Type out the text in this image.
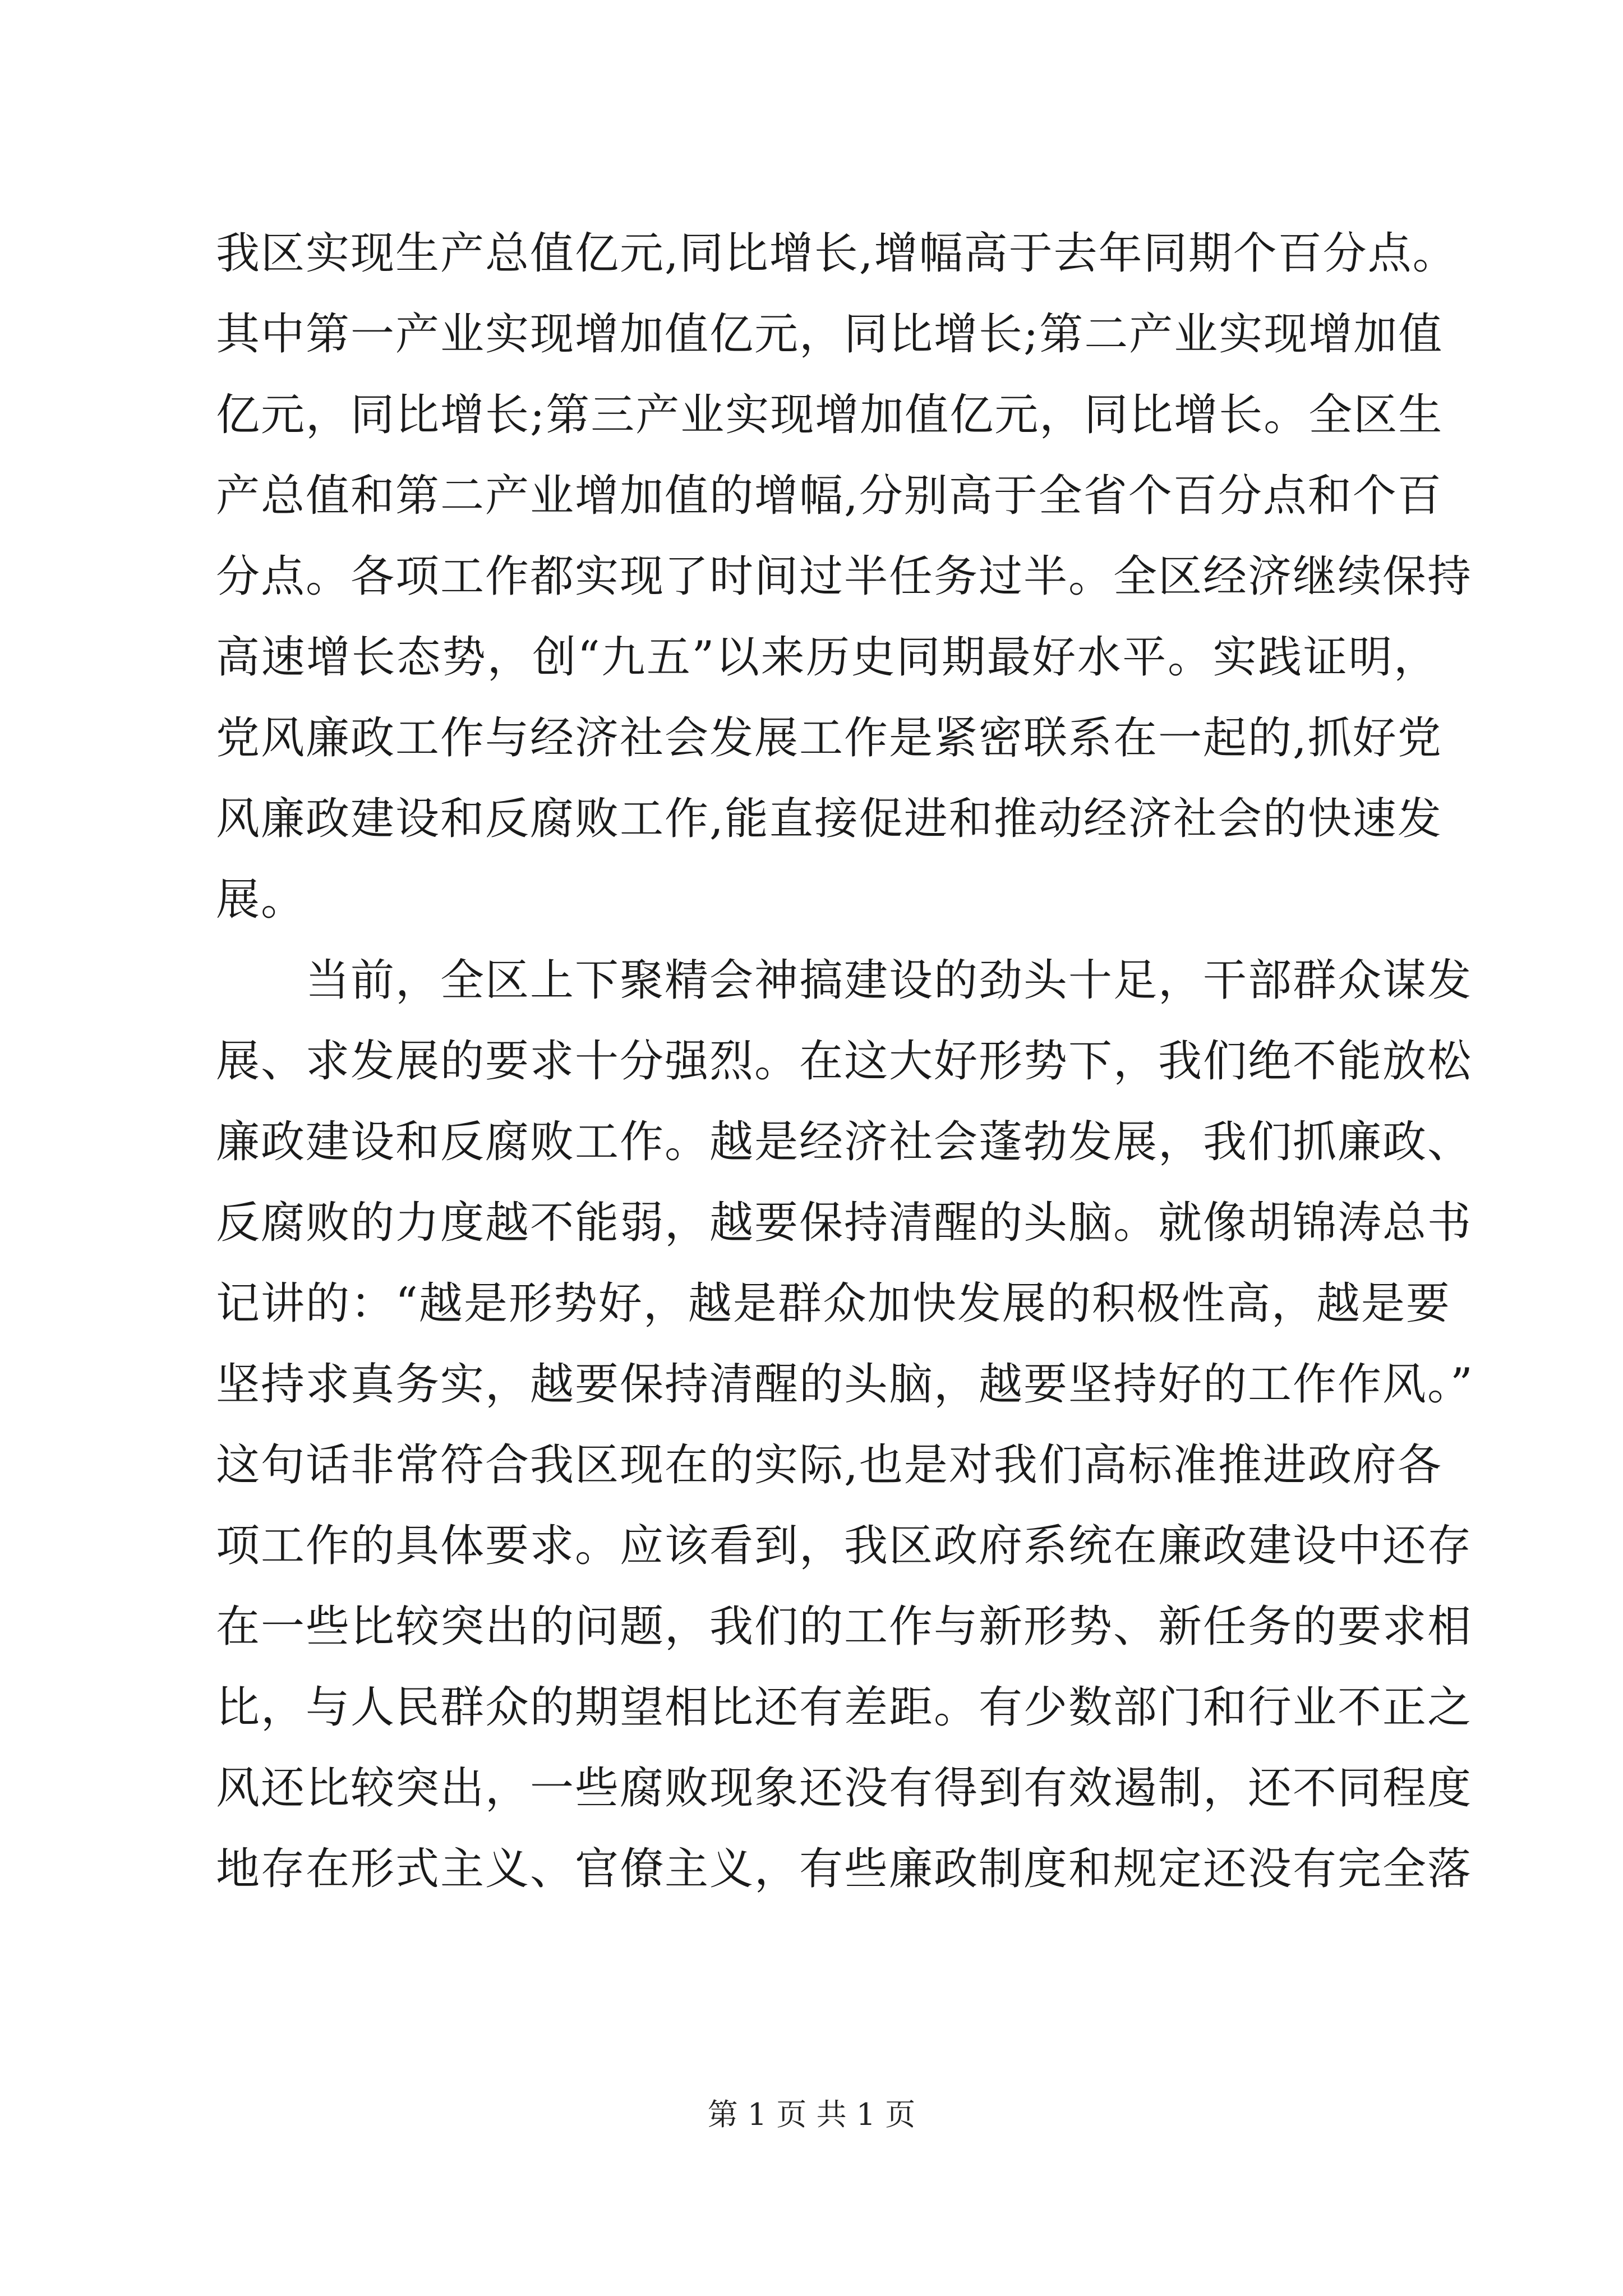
我区实现生产总值亿元,同比增长,增幅高于去年同期个百分点。
其中第一产业实现增加值亿元，同比增长;第二产业实现增加值
亿元，同比增长;第三产业实现增加值亿元，同比增长。全区生
产总值和第二产业增加值的增幅,分别高于全省个百分点和个百
分点。各项工作都实现了时间过半任务过半。全区经济继续保持
高速增长态势，创“九五”以来历史同期最好水平。实践证明，
党风廉政工作与经济社会发展工作是紧密联系在一起的,抓好党
风廉政建设和反腐败工作,能直接促进和推动经济社会的快速发
展。
当前，全区上下聚精会神搞建设的劲头十足，干部群众谋发
展、求发展的要求十分强烈。在这大好形势下，我们绝不能放松
廉政建设和反腐败工作。越是经济社会蓬勃发展，我们抓廉政、
反腐败的力度越不能弱，越要保持清醒的头脑。就像胡锦涛总书
记讲的：“越是形势好，越是群众加快发展的积极性高，越是要
坚持求真务实，越要保持清醒的头脑，越要坚持好的工作作风。”
这句话非常符合我区现在的实际,也是对我们高标准推进政府各
项工作的具体要求。应该看到，我区政府系统在廉政建设中还存
在一些比较突出的问题，我们的工作与新形势、新任务的要求相
比，与人民群众的期望相比还有差距。有少数部门和行业不正之
风还比较突出，一些腐败现象还没有得到有效遏制，还不同程度
地存在形式主义、官僚主义，有些廉政制度和规定还没有完全落
第 1 页 共 1 页
